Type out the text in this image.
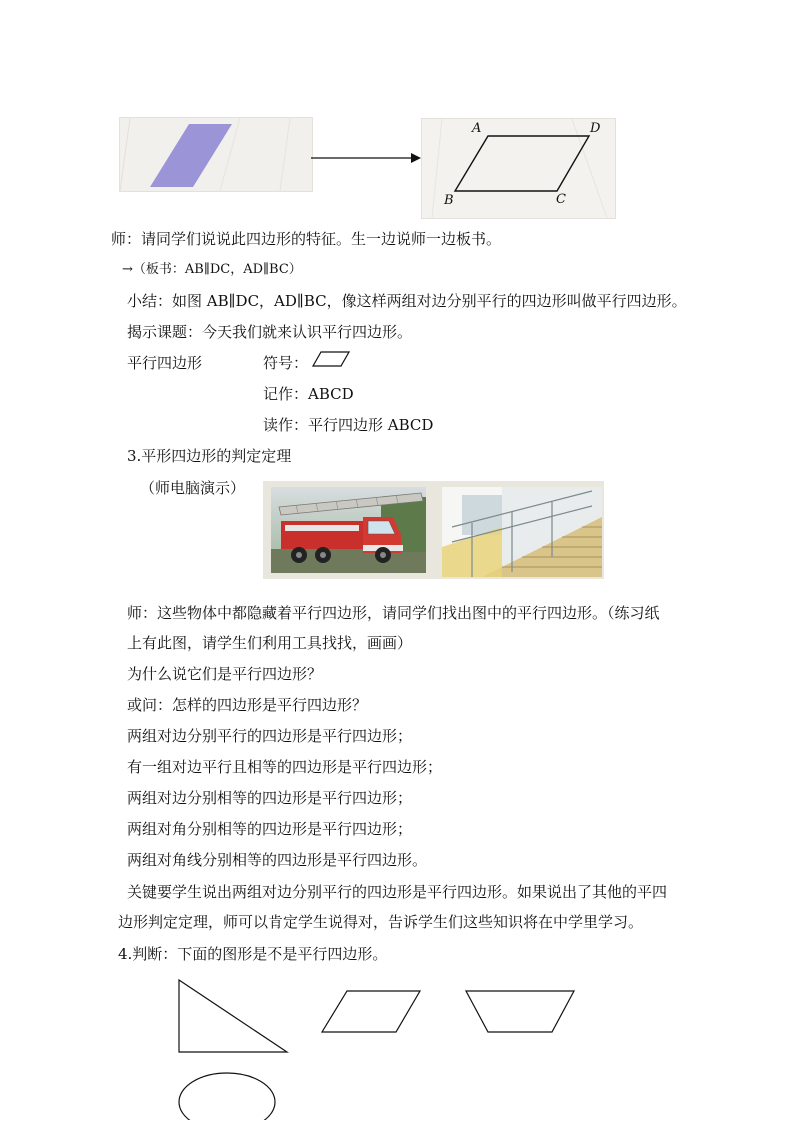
A	D
B	C
师：请同学们说说此四边形的特征。生一边说师一边板书。
→（板书：AB∥DC，AD∥BC）
小结：如图 AB∥DC，AD∥BC，像这样两组对边分别平行的四边形叫做平行四边形。
揭示课题：今天我们就来认识平行四边形。
平行四边形	符号：
记作：ABCD
读作：平行四边形 ABCD
3.平形四边形的判定定理
（师电脑演示）
师：这些物体中都隐藏着平行四边形，请同学们找出图中的平行四边形。（练习纸
上有此图，请学生们利用工具找找，画画）
为什么说它们是平行四边形？
或问：怎样的四边形是平行四边形？
两组对边分别平行的四边形是平行四边形；
有一组对边平行且相等的四边形是平行四边形；
两组对边分别相等的四边形是平行四边形；
两组对角分别相等的四边形是平行四边形；
两组对角线分别相等的四边形是平行四边形。
关键要学生说出两组对边分别平行的四边形是平行四边形。如果说出了其他的平四
边形判定定理，师可以肯定学生说得对，告诉学生们这些知识将在中学里学习。
4.判断：下面的图形是不是平行四边形。
